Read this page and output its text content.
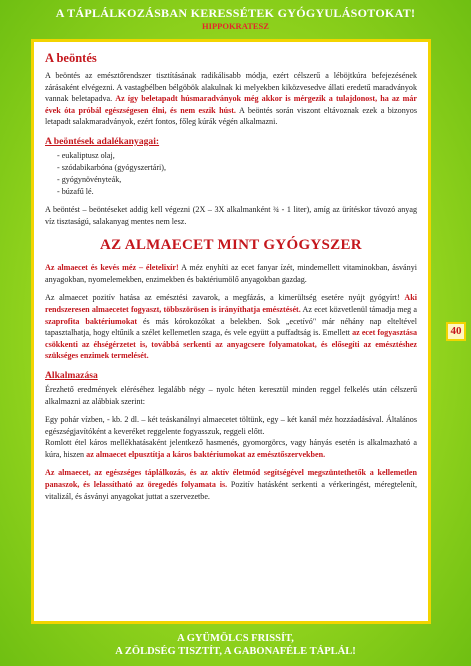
A TÁPLÁLKOZÁSBAN KERESSÉTEK GYÓGYULÁSOTOKAT!
HIPPOKRATESZ
A beöntés

A beöntés az emésztőrendszer tisztításának radikálisabb módja, ezért célszerű a léböjtkúra befejezésének zárásaként elvégezni. A vastagbélben bélgöbök alakulnak ki melyekben kiközvesedve állati eredetű maradványok vannak beletapadva. Az így beletapadt húsmaradványok még akkor is mérgezik a tulajdonost, ha az már évek óta próbál egészségesen élni, és nem eszik húst. A beöntés során viszont eltávoznak ezek a bizonyos letapadt salakmaradványok, ezért fontos, főleg kúrák végén alkalmazni.

A beöntések adalékanyagai:
- eukaliptusz olaj,
- szódabikarbóna (gyógyszertári),
- gyógynövényteák,
- búzafű lé.

A beöntést – beöntéseket addig kell végezni (2X – 3X alkalmanként ¾ - 1 liter), amíg az ürítéskor távozó anyag víz tisztaságú, salakanyag mentes nem lesz.

AZ ALMAECET MINT GYÓGYSZER

Az almaecet és kevés méz – életelixír! A méz enyhíti az ecet fanyar ízét, mindemellett vitaminokban, ásványi anyagokban, nyomelemekben, enzimekben és baktériumölő anyagokban gazdag.

Az almaecet pozitív hatása az emésztési zavarok, a megfázás, a kimerültség esetére nyújt gyógyírt! Aki rendszeresen almaecetet fogyaszt, többszörösen is irányíthatja emésztését. Az ecet közvetlenül támadja meg a szaprofita baktériumokat és más kórokozókat a belekben. Sok „ecetívó" már néhány nap elteltével tapasztalhatja, hogy eltűnik a szélet kellemetlen szaga, és vele együtt a puffadtság is. Emellett az ecet fogyasztása csökkenti az éhségérzetet is, továbbá serkenti az anyagcsere folyamatokat, és elősegíti az emésztéshez szükséges enzimek termelését.

Alkalmazása

Érezhető eredmények eléréséhez legalább négy – nyolc héten keresztül minden reggel felkelés után célszerű alkalmazni az alábbiak szerint:

Egy pohár vízben, - kb. 2 dl. – két teáskanálnyi almaecetet töltünk, egy – két kanál méz hozzáadásával. Általános egészségjavítóként a keveréket reggelente fogyasszuk, reggeli előtt.

Romlott étel káros mellékhatásaként jelentkező hasmenés, gyomorgörcs, vagy hányás esetén is alkalmazható a kúra, hiszen az almaecet elpusztítja a káros baktériumokat az emésztőszervekben.

Az almaecet, az egészséges táplálkozás, és az aktív életmód segítségével megszüntethetők a kellemetlen panaszok, és lelassítható az öregedés folyamata is. Pozitív hatásként serkenti a vérkeringést, méregtelenít, vitalizál, és ásványi anyagokat juttat a szervezetbe.

40
A GYÜMÖLCS FRISSÍT,
A ZÖLDSÉG TISZTÍT, A GABONAFÉLE TÁPLÁL!
